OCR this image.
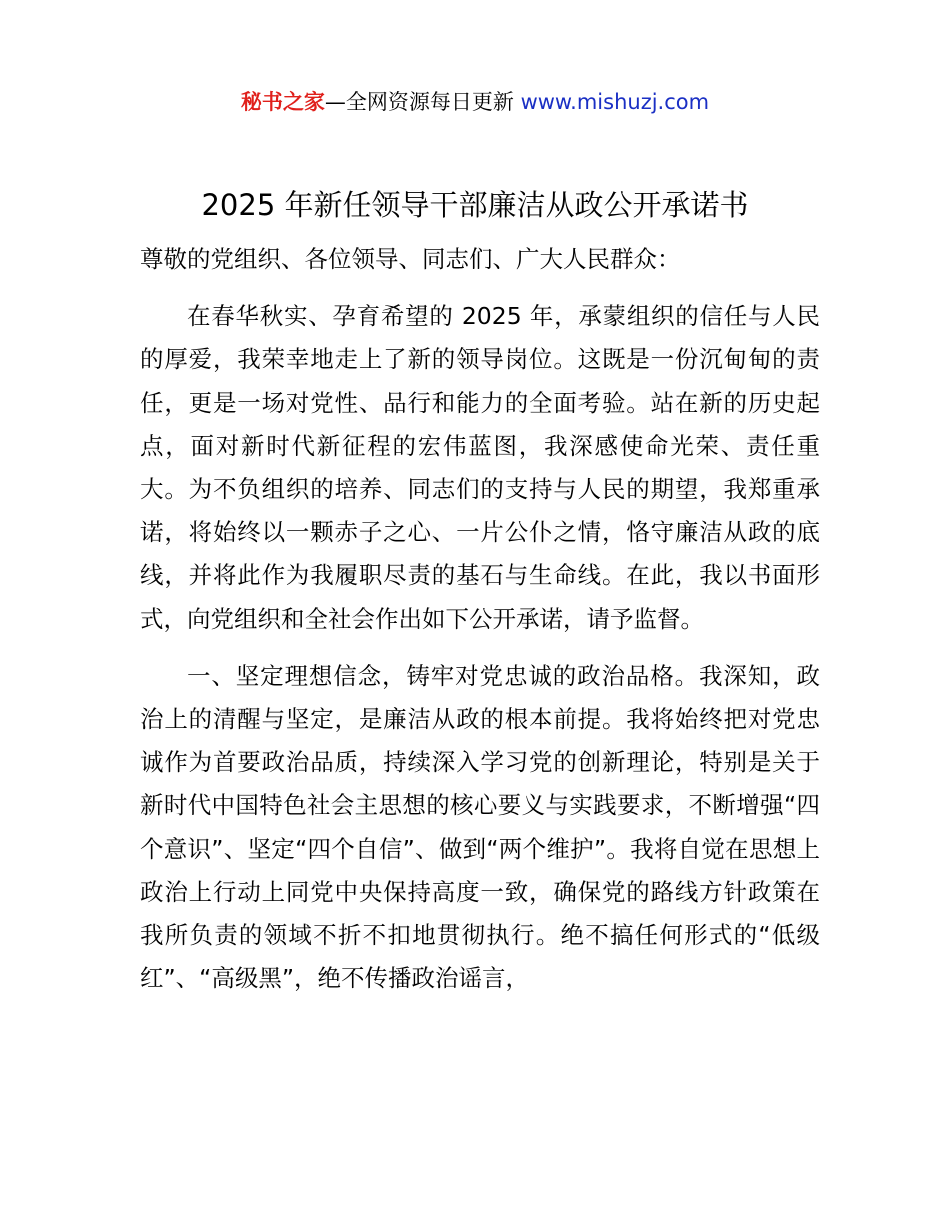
秘书之家—全网资源每日更新 www.mishuzj.com
2025 年新任领导干部廉洁从政公开承诺书

尊敬的党组织、各位领导、同志们、广大人民群众：

在春华秋实、孕育希望的 2025 年，承蒙组织的信任与人民的厚爱，我荣幸地走上了新的领导岗位。这既是一份沉甸甸的责任，更是一场对党性、品行和能力的全面考验。站在新的历史起点，面对新时代新征程的宏伟蓝图，我深感使命光荣、责任重大。为不负组织的培养、同志们的支持与人民的期望，我郑重承诺，将始终以一颗赤子之心、一片公仆之情，恪守廉洁从政的底线，并将此作为我履职尽责的基石与生命线。在此，我以书面形式，向党组织和全社会作出如下公开承诺，请予监督。

一、坚定理想信念，铸牢对党忠诚的政治品格。我深知，政治上的清醒与坚定，是廉洁从政的根本前提。我将始终把对党忠诚作为首要政治品质，持续深入学习党的创新理论，特别是关于新时代中国特色社会主思想的核心要义与实践要求，不断增强“四个意识”、坚定“四个自信”、做到“两个维护”。我将自觉在思想上政治上行动上同党中央保持高度一致，确保党的路线方针政策在我所负责的领域不折不扣地贯彻执行。绝不搞任何形式的“低级红”、“高级黑”，绝不传播政治谣言，
